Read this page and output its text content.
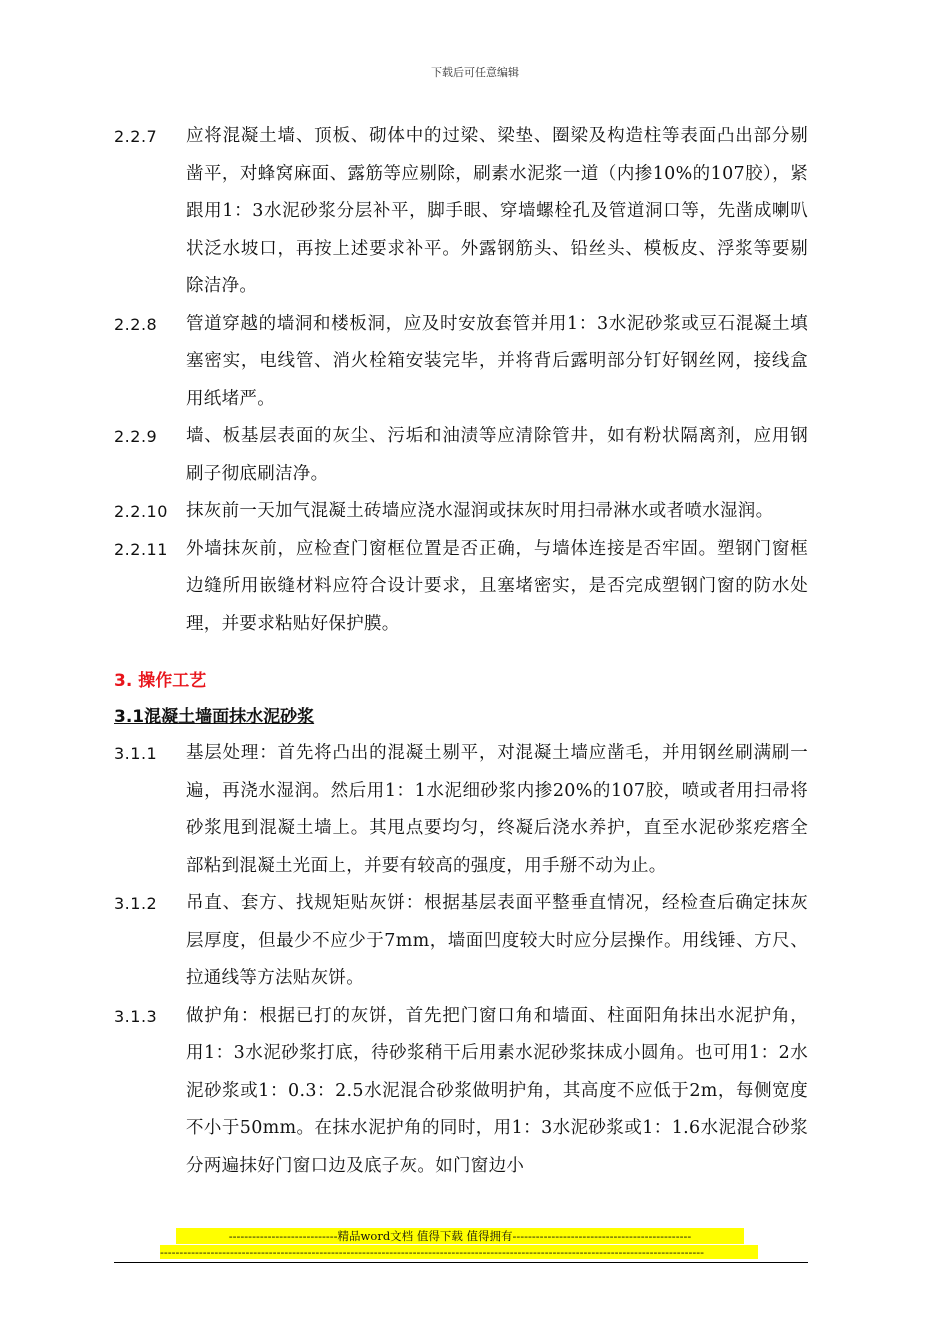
下载后可任意编辑
2.2.7	应将混凝土墙、顶板、砌体中的过梁、梁垫、圈梁及构造柱等表面凸出部分剔凿平，对蜂窝麻面、露筋等应剔除，刷素水泥浆一道（内掺10%的107胶），紧跟用1：3水泥砂浆分层补平，脚手眼、穿墙螺栓孔及管道洞口等，先凿成喇叭状泛水坡口，再按上述要求补平。外露钢筋头、铅丝头、模板皮、浮浆等要剔除洁净。
2.2.8	管道穿越的墙洞和楼板洞，应及时安放套管并用1：3水泥砂浆或豆石混凝土填塞密实，电线管、消火栓箱安装完毕，并将背后露明部分钉好钢丝网，接线盒用纸堵严。
2.2.9	墙、板基层表面的灰尘、污垢和油渍等应清除管井，如有粉状隔离剂，应用钢刷子彻底刷洁净。
2.2.10	抹灰前一天加气混凝土砖墙应浇水湿润或抹灰时用扫帚淋水或者喷水湿润。
2.2.11	外墙抹灰前，应检查门窗框位置是否正确，与墙体连接是否牢固。塑钢门窗框边缝所用嵌缝材料应符合设计要求，且塞堵密实，是否完成塑钢门窗的防水处理，并要求粘贴好保护膜。
3. 操作工艺
3.1混凝土墙面抹水泥砂浆
3.1.1	基层处理：首先将凸出的混凝土剔平，对混凝土墙应凿毛，并用钢丝刷满刷一遍，再浇水湿润。然后用1：1水泥细砂浆内掺20%的107胶，喷或者用扫帚将砂浆甩到混凝土墙上。其甩点要均匀，终凝后浇水养护，直至水泥砂浆疙瘩全部粘到混凝土光面上，并要有较高的强度，用手掰不动为止。
3.1.2	吊直、套方、找规矩贴灰饼：根据基层表面平整垂直情况，经检查后确定抹灰层厚度，但最少不应少于7mm，墙面凹度较大时应分层操作。用线锤、方尺、拉通线等方法贴灰饼。
3.1.3	做护角：根据已打的灰饼，首先把门窗口角和墙面、柱面阳角抹出水泥护角，用1：3水泥砂浆打底，待砂浆稍干后用素水泥砂浆抹成小圆角。也可用1：2水泥砂浆或1：0.3：2.5水泥混合砂浆做明护角，其高度不应低于2m，每侧宽度不小于50mm。在抹水泥护角的同时，用1：3水泥砂浆或1：1.6水泥混合砂浆分两遍抹好门窗口边及底子灰。如门窗边小
----------------------------精品word文档 值得下载 值得拥有----------------------------------------------
--------------------------------------------------------------------------------------------------------------------------------------------
